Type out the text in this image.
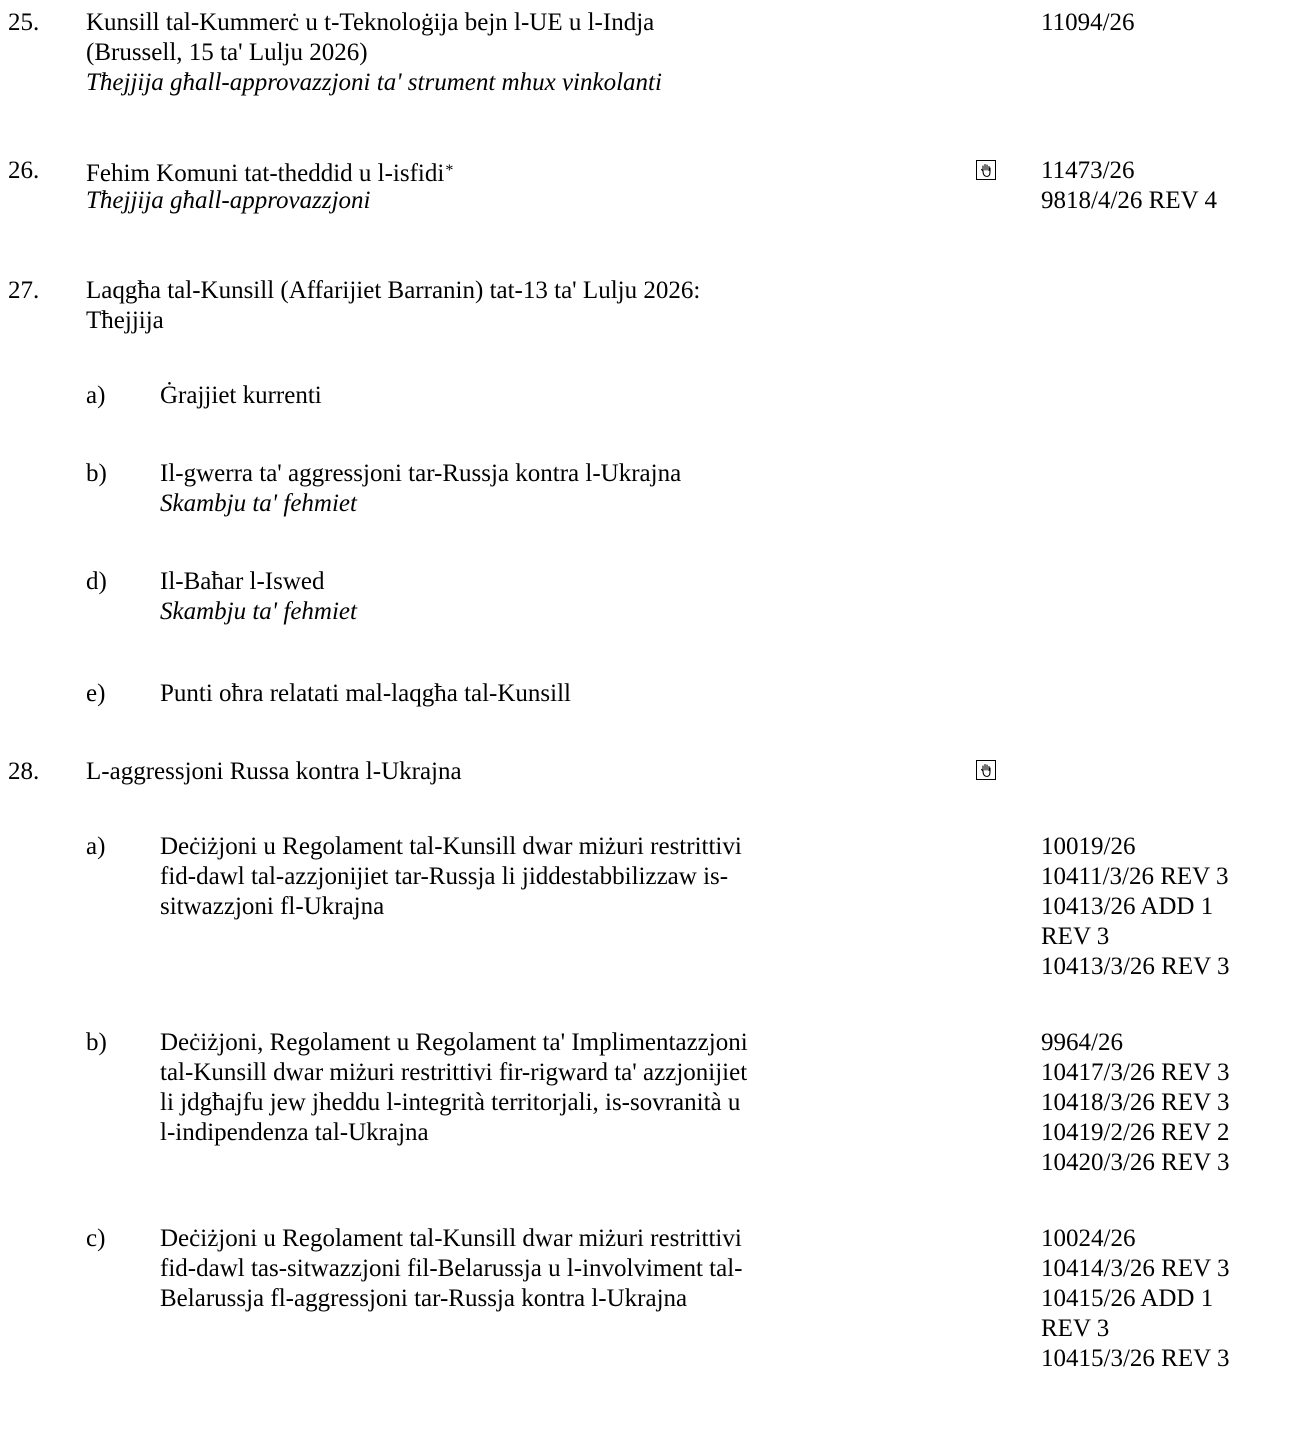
25. Kunsill tal-Kummerċ u t-Teknoloġija bejn l-UE u l-Indja
(Brussell, 15 ta' Lulju 2026)
Tħejjija għall-approvazzjoni ta' strument mhux vinkolanti
11094/26
26. Fehim Komuni tat-theddid u l-isfidi*
Tħejjija għall-approvazzjoni
11473/26
9818/4/26 REV 4
27. Laqgħa tal-Kunsill (Affarijiet Barranin) tat-13 ta' Lulju 2026:
Tħejjija
a) Ġrajjiet kurrenti
b) Il-gwerra ta' aggressjoni tar-Russja kontra l-Ukrajna
Skambju ta' fehmiet
d) Il-Baħar l-Iswed
Skambju ta' fehmiet
e) Punti oħra relatati mal-laqgħa tal-Kunsill
28. L-aggressjoni Russa kontra l-Ukrajna
a) Deċiżjoni u Regolament tal-Kunsill dwar miżuri restrittivi
fid-dawl tal-azzjonijiet tar-Russja li jiddestabbilizzaw is-
sitwazzjoni fl-Ukrajna
10019/26
10411/3/26 REV 3
10413/26 ADD 1
REV 3
10413/3/26 REV 3
b) Deċiżjoni, Regolament u Regolament ta' Implimentazzjoni
tal-Kunsill dwar miżuri restrittivi fir-rigward ta' azzjonijiet
li jdgħajfu jew jheddu l-integrità territorjali, is-sovranità u
l-indipendenza tal-Ukrajna
9964/26
10417/3/26 REV 3
10418/3/26 REV 3
10419/2/26 REV 2
10420/3/26 REV 3
c) Deċiżjoni u Regolament tal-Kunsill dwar miżuri restrittivi
fid-dawl tas-sitwazzjoni fil-Belarussja u l-involviment tal-
Belarussja fl-aggressjoni tar-Russja kontra l-Ukrajna
10024/26
10414/3/26 REV 3
10415/26 ADD 1
REV 3
10415/3/26 REV 3
